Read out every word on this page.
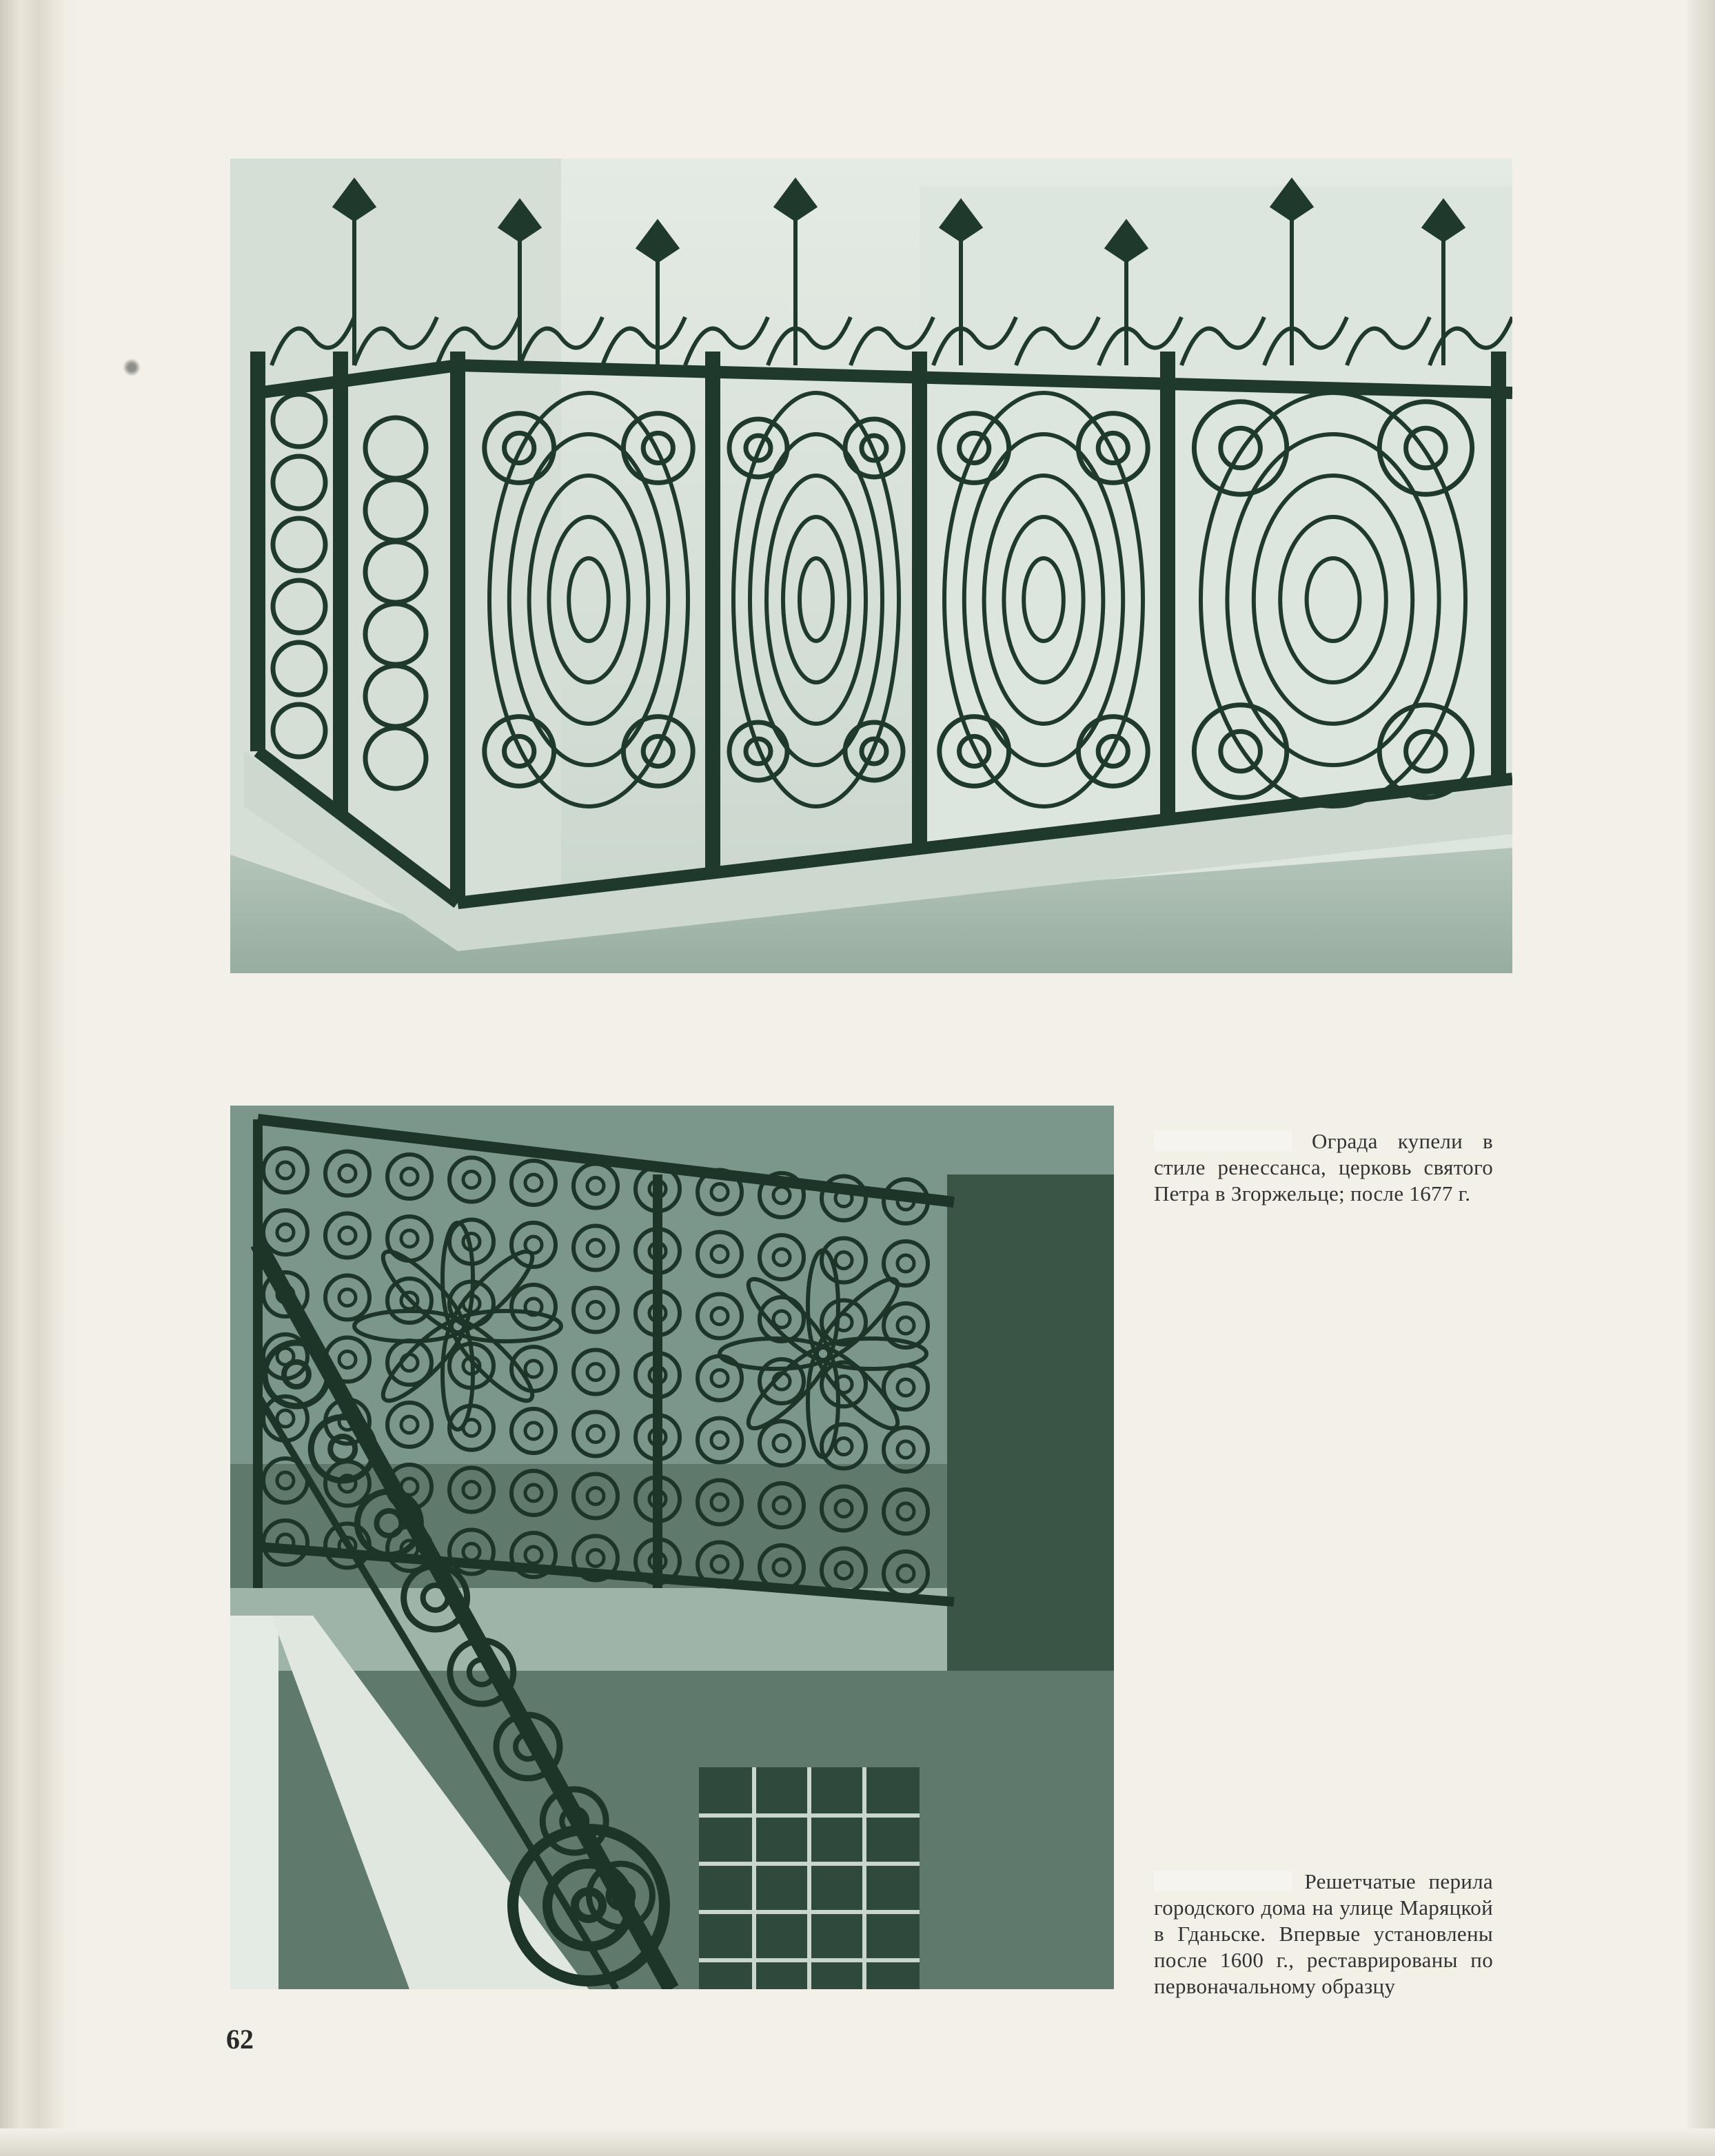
Ограда купели в стиле ренессанса, церковь святого Петра в Згоржельце; после 1677 г.

Решетчатые перила городского дома на улице Маряцкой в Гданьске. Впервые установлены после 1600 г., реставрированы по первоначальному образцу

62
